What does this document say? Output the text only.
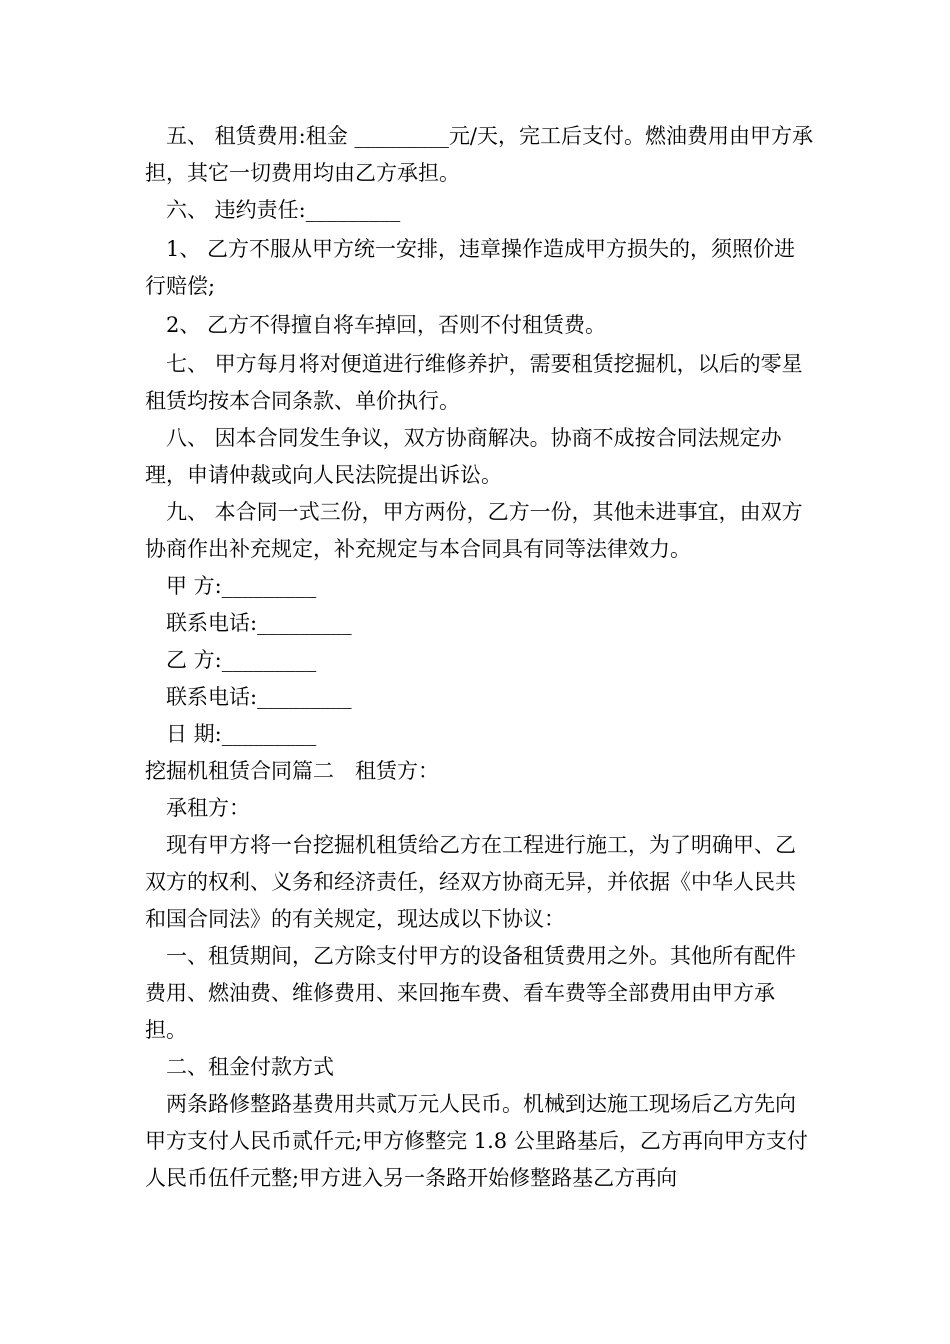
五、 租赁费用:租金 _________元/天，完工后支付。燃油费用由甲方承担，其它一切费用均由乙方承担。

六、 违约责任:_________

1、 乙方不服从甲方统一安排，违章操作造成甲方损失的，须照价进行赔偿;

2、 乙方不得擅自将车掉回，否则不付租赁费。

七、 甲方每月将对便道进行维修养护，需要租赁挖掘机，以后的零星租赁均按本合同条款、单价执行。

八、 因本合同发生争议，双方协商解决。协商不成按合同法规定办理，申请仲裁或向人民法院提出诉讼。

九、 本合同一式三份，甲方两份，乙方一份，其他未进事宜，由双方协商作出补充规定，补充规定与本合同具有同等法律效力。

甲 方:_________

联系电话:_________

乙 方:_________

联系电话:_________

日 期:_________

挖掘机租赁合同篇二　租赁方：

承租方：

现有甲方将一台挖掘机租赁给乙方在工程进行施工，为了明确甲、乙双方的权利、义务和经济责任，经双方协商无异，并依据《中华人民共和国合同法》的有关规定，现达成以下协议：

一、租赁期间，乙方除支付甲方的设备租赁费用之外。其他所有配件费用、燃油费、维修费用、来回拖车费、看车费等全部费用由甲方承担。

二、租金付款方式

两条路修整路基费用共贰万元人民币。机械到达施工现场后乙方先向甲方支付人民币贰仟元;甲方修整完 1.8 公里路基后，乙方再向甲方支付人民币伍仟元整;甲方进入另一条路开始修整路基乙方再向
